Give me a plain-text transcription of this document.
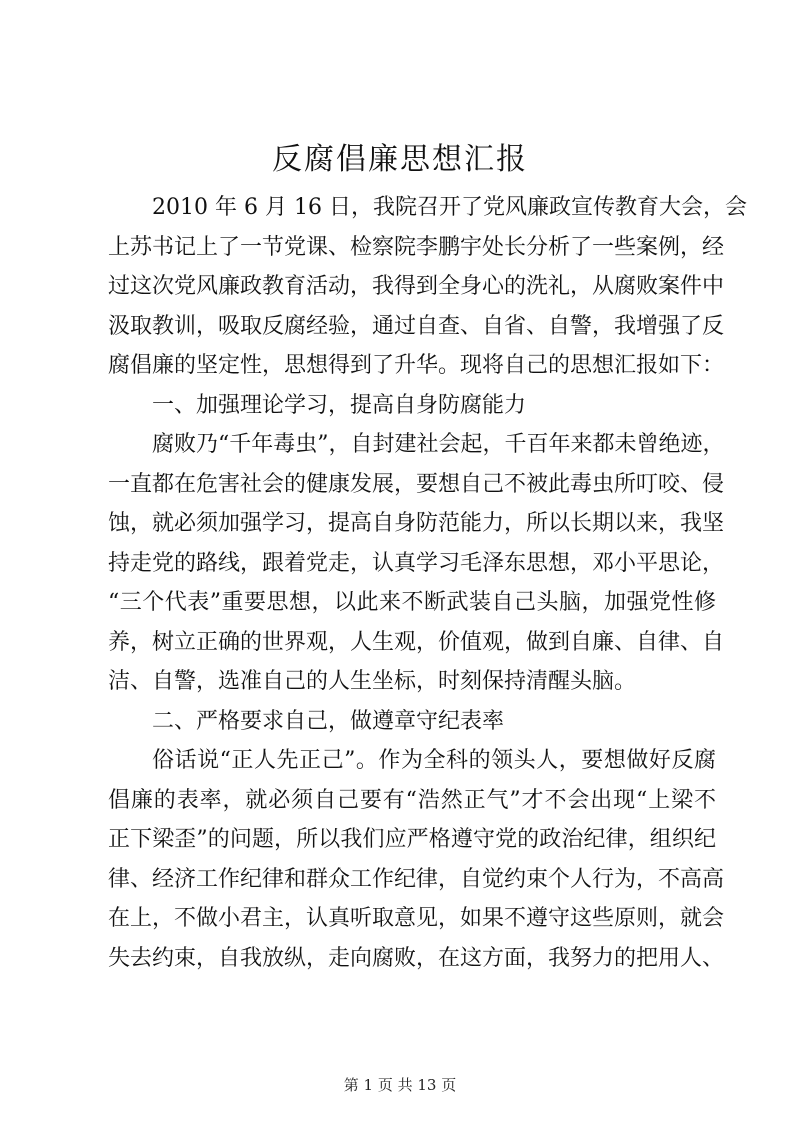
反腐倡廉思想汇报
2010 年 6 月 16 日，我院召开了党风廉政宣传教育大会，会
上苏书记上了一节党课、检察院李鹏宇处长分析了一些案例，经
过这次党风廉政教育活动，我得到全身心的洗礼，从腐败案件中
汲取教训，吸取反腐经验，通过自查、自省、自警，我增强了反
腐倡廉的坚定性，思想得到了升华。现将自己的思想汇报如下：
一、加强理论学习，提高自身防腐能力
腐败乃“千年毒虫”，自封建社会起，千百年来都未曾绝迹，
一直都在危害社会的健康发展，要想自己不被此毒虫所叮咬、侵
蚀，就必须加强学习，提高自身防范能力，所以长期以来，我坚
持走党的路线，跟着党走，认真学习毛泽东思想，邓小平思论，
“三个代表”重要思想，以此来不断武装自己头脑，加强党性修
养，树立正确的世界观，人生观，价值观，做到自廉、自律、自
洁、自警，选准自己的人生坐标，时刻保持清醒头脑。
二、严格要求自己，做遵章守纪表率
俗话说“正人先正己”。作为全科的领头人，要想做好反腐
倡廉的表率，就必须自己要有“浩然正气”才不会出现“上梁不
正下梁歪”的问题，所以我们应严格遵守党的政治纪律，组织纪
律、经济工作纪律和群众工作纪律，自觉约束个人行为，不高高
在上，不做小君主，认真听取意见，如果不遵守这些原则，就会
失去约束，自我放纵，走向腐败，在这方面，我努力的把用人、
第 1 页 共 13 页
